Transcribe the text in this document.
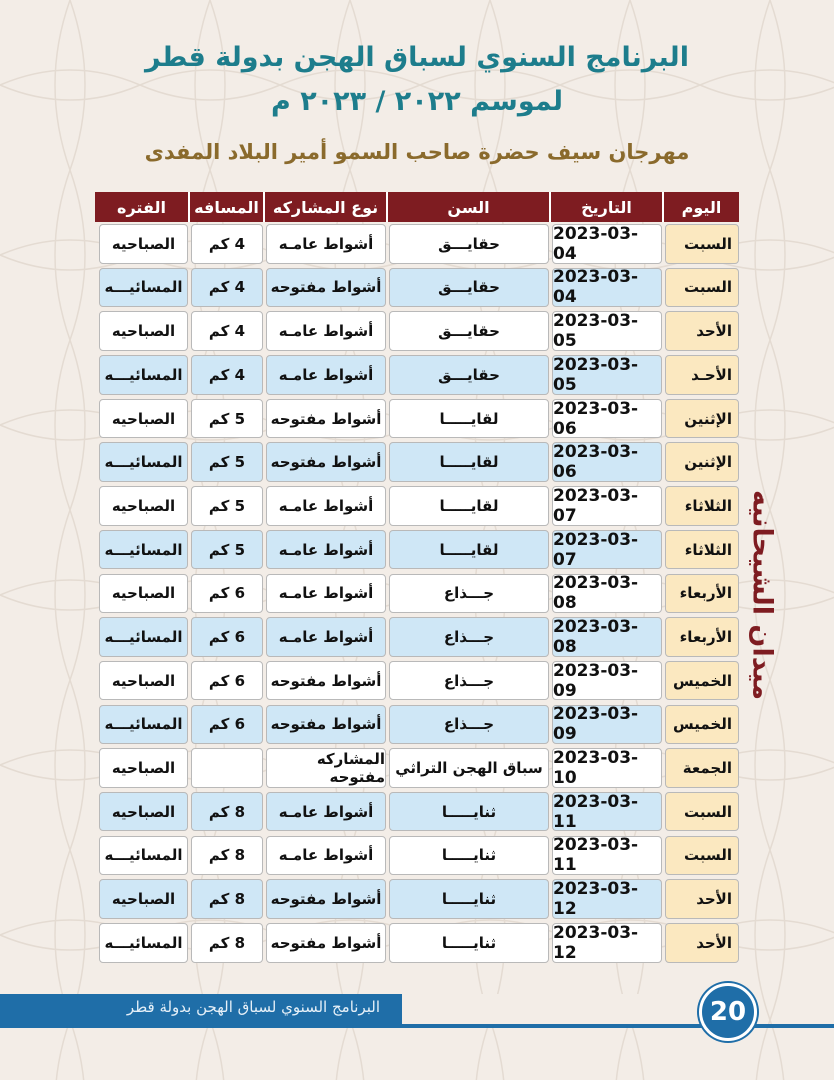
البرنامج السنوي لسباق الهجن بدولة قطر
لموسم ٢٠٢٢ / ٢٠٢٣ م
مهرجان سيف حضرة صاحب السمو أمير البلاد المفدى
اليوم
التاريخ
السن
نوع المشاركه
المسافه
الفتره
السبت
2023-03-04
حقايـــق
أشواط عامـه
4 كم
الصباحيه
السبت
2023-03-04
حقايـــق
أشواط مفتوحه
4 كم
المسائيـــه
الأحد
2023-03-05
حقايـــق
أشواط عامـه
4 كم
الصباحيه
الأحـد
2023-03-05
حقايـــق
أشواط عامـه
4 كم
المسائيـــه
الإثنين
2023-03-06
لقايـــــا
أشواط مفتوحه
5 كم
الصباحيه
الإثنين
2023-03-06
لقايـــــا
أشواط مفتوحه
5 كم
المسائيـــه
الثلاثاء
2023-03-07
لقايـــــا
أشواط عامـه
5 كم
الصباحيه
الثلاثاء
2023-03-07
لقايـــــا
أشواط عامـه
5 كم
المسائيـــه
الأربعاء
2023-03-08
جـــذاع
أشواط عامـه
6 كم
الصباحيه
الأربعاء
2023-03-08
جـــذاع
أشواط عامـه
6 كم
المسائيـــه
الخميس
2023-03-09
جـــذاع
أشواط مفتوحه
6 كم
الصباحيه
الخميس
2023-03-09
جـــذاع
أشواط مفتوحه
6 كم
المسائيـــه
الجمعة
2023-03-10
سباق الهجن التراثي
المشاركه مفتوحه
الصباحيه
السبت
2023-03-11
ثنايـــــا
أشواط عامـه
8 كم
الصباحيه
السبت
2023-03-11
ثنايـــــا
أشواط عامـه
8 كم
المسائيـــه
الأحد
2023-03-12
ثنايـــــا
أشواط مفتوحه
8 كم
الصباحيه
الأحد
2023-03-12
ثنايـــــا
أشواط مفتوحه
8 كم
المسائيـــه
ميدان الشيحانيه
البرنامج السنوي لسباق الهجن بدولة قطر	20
